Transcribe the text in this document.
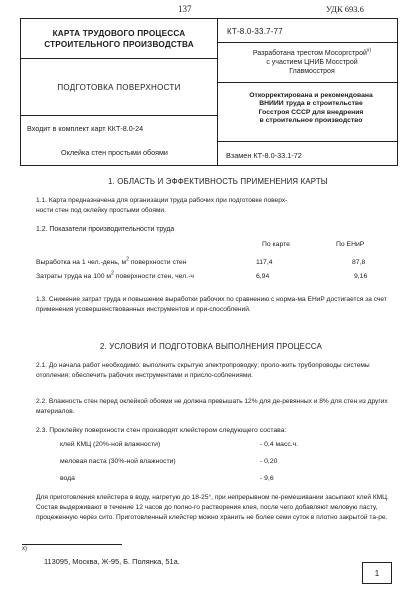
137	УДК 693.6
КАРТА ТРУДОВОГО ПРОЦЕССА
СТРОИТЕЛЬНОГО ПРОИЗВОДСТВА
ПОДГОТОВКА ПОВЕРХНОСТИ
Входит в комплект карт ККТ-8.0-24
Оклейка стен простыми обоями
КТ-8.0-33.7-77
Разработана трестом Мосоргстрой$^{x)}$
с участием ЦНИБ Мосстрой
Главмосстроя
Откорректирована и рекомендована
ВНИИИ труда в строительстве
Госстроя СССР для внедрения
в строительное производство
Взамен КТ-8.0-33.1-72
1. ОБЛАСТЬ И ЭФФЕКТИВНОСТЬ ПРИМЕНЕНИЯ КАРТЫ
1.1. Карта предназначена для организации труда рабочих при подготовке поверх-
ности стен под оклейку простыми обоями.
1.2. Показатели производительности труда
По карте	По ЕНиР
Выработка на 1 чел.-день, $м^2$ поверхности стен	117,4	87,8
Затраты труда на 100 $м^2$ поверхности стен, чел.-ч	6,94	9,16
1.3. Снижение затрат труда и повышение выработки рабочих по сравнению с норма-ма ЕНиР достигается за счет применения усовершенствованных инструментов и при-способлений.
2. УСЛОВИЯ И ПОДГОТОВКА ВЫПОЛНЕНИЯ ПРОЦЕССА
2.1. До начала работ необходимо: выполнить скрытую электропроводку; проло-жить трубопроводы системы отопления; обеспечить рабочих инструментами и присло-соблениями.
2.2. Влажность стен перед оклейкой обоями не должна превышать 12% для де-ревянных и 8% для стен из других материалов.
2.3. Проклейку поверхности стен производят клейстером следующего состава:
клей КМЦ (20%-ной влажности)	- 0,4 масс.ч.
меловая паста (30%-ной влажности)	- 0,20
вода	- 9,6
Для приготовления клейстера в воду, нагретую до 18-25°, при непрерывном пе-ремешивании засыпают клей КМЦ. Состав выдерживают в течение 12 часов до полно-го растворения клея, после чего добавляют меловую пасту, процеженную через сито. Приготовленный клейстер можно хранить не более семи суток в плотно закрытой та-ре.
x)
113095, Москва, Ж-95, Б. Полянка, 51а.
1
